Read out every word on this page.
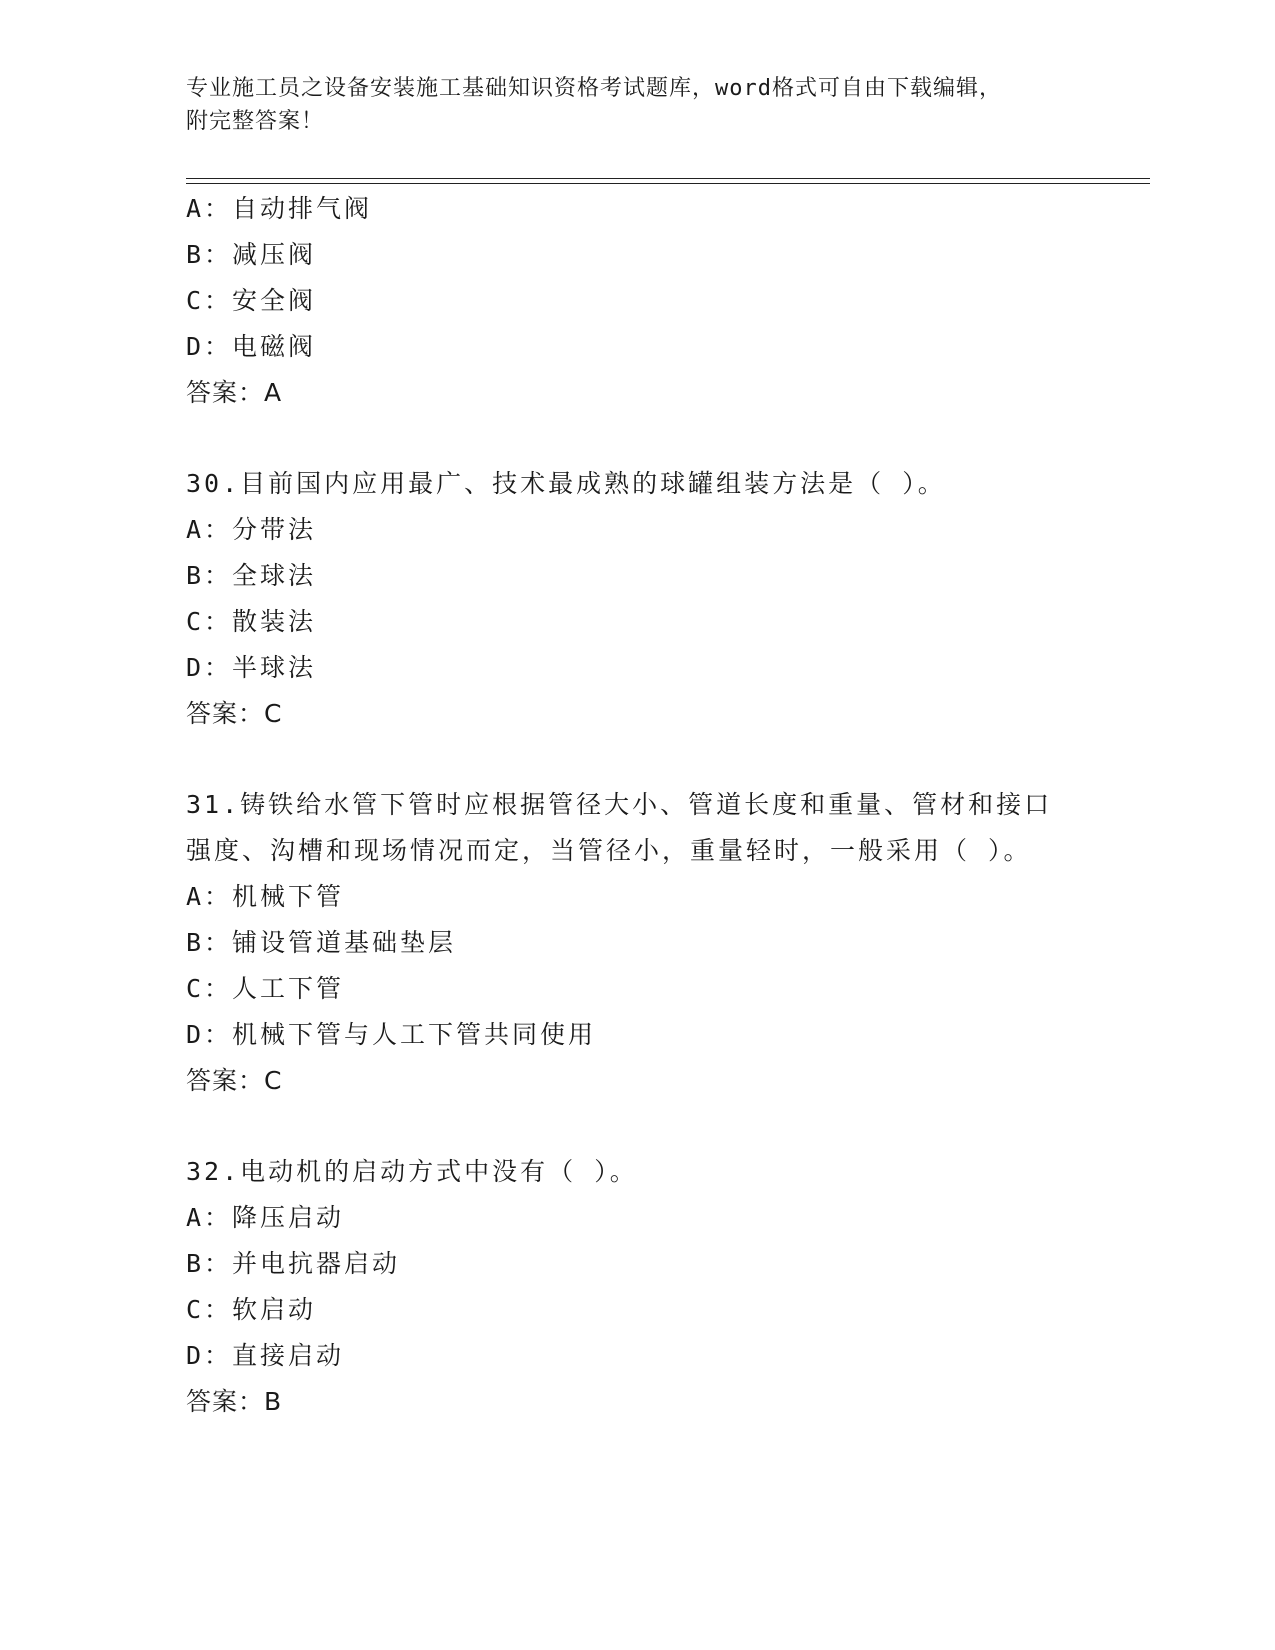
专业施工员之设备安装施工基础知识资格考试题库，word格式可自由下载编辑，
附完整答案！
A：自动排气阀
B：减压阀
C：安全阀
D：电磁阀
答案：A
30.目前国内应用最广、技术最成熟的球罐组装方法是（ ）。
A：分带法
B：全球法
C：散装法
D：半球法
答案：C
31.铸铁给水管下管时应根据管径大小、管道长度和重量、管材和接口
强度、沟槽和现场情况而定，当管径小，重量轻时，一般采用（ ）。
A：机械下管
B：铺设管道基础垫层
C：人工下管
D：机械下管与人工下管共同使用
答案：C
32.电动机的启动方式中没有（ ）。
A：降压启动
B：并电抗器启动
C：软启动
D：直接启动
答案：B
